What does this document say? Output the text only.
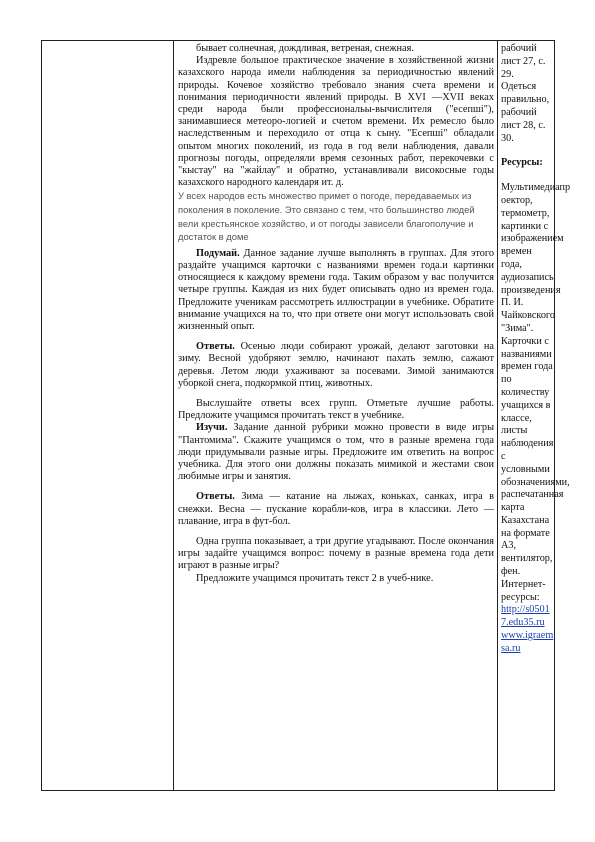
бывает солнечная, дождливая, ветреная, снежная.

Издревле большое практическое значение в хозяйственной жизни казахского народа имели наблюдения за периодичностью явлений природы. Кочевое хозяйство требовало знания счета времени и понимания периодичности явлений природы. В XVI —XVII веках среди народа были профессиональы-вычислителя ("есепші"), занимавшиеся метеоро-логией и счетом времени. Их ремесло было наследственным и переходило от отца к сыну. "Есепші" обладали опытом многих поколений, из года в год вели наблюдения, давали прогнозы погоды, определяли время сезонных работ, перекочевки с "кыстау" на "жайлау" и обратно, устанавливали високосные годы казахского народного календаря ит. д.

У всех народов есть множество примет о погоде, передаваемых из поколения в поколение. Это связано с тем, что большинство людей вели крестьянское хозяйство, и от погоды зависели благополучие и достаток в доме

Подумай. Данное задание лучше выполнять в группах. Для этого раздайте учащимся карточки с названиями времен года.и картинки относящиеся к каждому времени года. Таким образом у вас получится четыре группы. Каждая из них будет описывать одно из времен года. Предложите ученикам рассмотреть иллюстрации в учебнике. Обратите внимание учащихся на то, что при ответе они могут использовать свой жизненный опыт.

Ответы. Осенью люди собирают урожай, делают заготовки на зиму. Весной удобряют землю, начинают пахать землю, сажают деревья. Летом люди ухаживают за посевами. Зимой занимаются уборкой снега, подкормкой птиц, животных.

Выслушайте ответы всех групп. Отметьте лучшие работы. Предложите учащимся прочитать текст в учебнике.

Изучи. Задание данной рубрики можно провести в виде игры "Пантомима". Скажите учащимся о том, что в разные времена года люди придумывали разные игры. Предложите им ответить на вопрос учебника. Для этого они должны показать мимикой и жестами свои любимые игры и занятия.

Ответы. Зима — катание на лыжах, коньках, санках, игра в снежки. Весна — пускание корабли-ков, игра в классики. Лето — плавание, игра в фут-бол.

Одна группа показывает, а три другие угадывают. После окончания игры задайте учащимся вопрос: почему в разные времена года дети играют в разные игры?

Предложите учащимся прочитать текст 2 в учеб-нике.

рабочий лист 27, с. 29.

Одеться правильно, рабочий лист 28, с. 30.

Ресурсы:

Мультимедиапр оектор, термометр, картинки с изображением времен года, аудиозапись произведения П. И. Чайковского "Зима". Карточки с названиями времен года по количеству учащихся в классе, листы наблюдения с условными обозначениями, распечатанная карта Казахстана на формате А3, вентилятор, фен.

Интернет-ресурсы:

http://s05017.edu35.ru

www.igraemsa.ru
